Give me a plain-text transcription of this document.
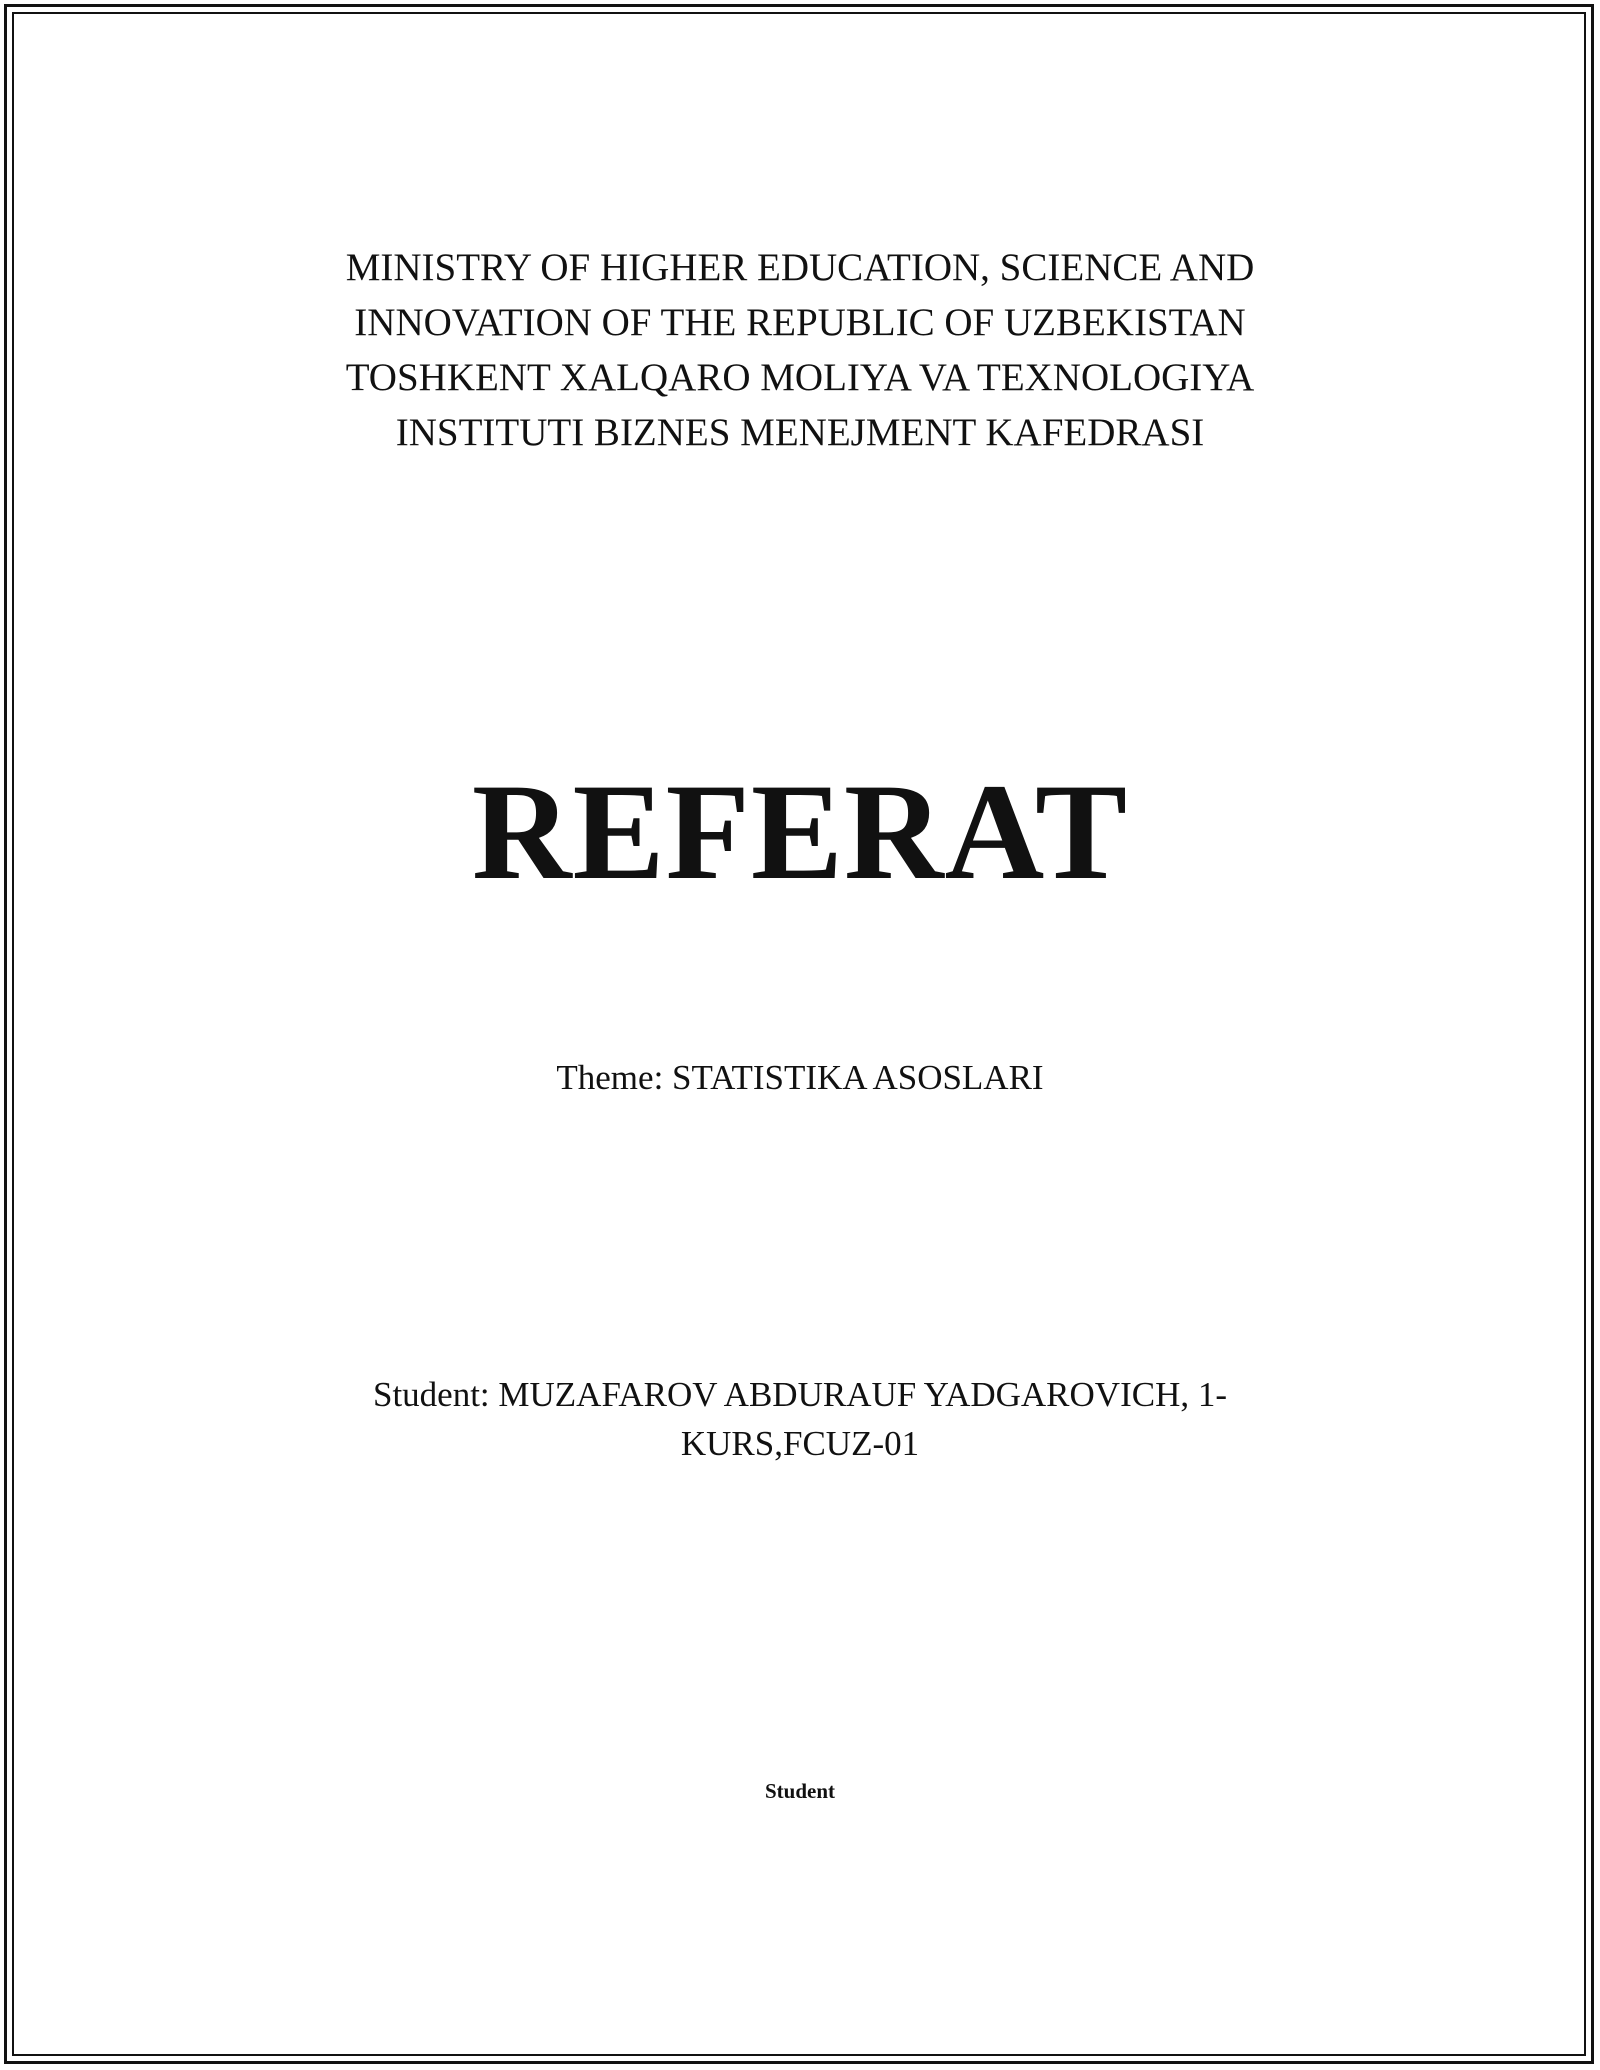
MINISTRY OF HIGHER EDUCATION, SCIENCE AND
INNOVATION OF THE REPUBLIC OF UZBEKISTAN
TOSHKENT XALQARO MOLIYA VA TEXNOLOGIYA
INSTITUTI BIZNES MENEJMENT KAFEDRASI
REFERAT
Theme: STATISTIKA ASOSLARI
Student: MUZAFAROV ABDURAUF YADGAROVICH, 1-
KURS,FCUZ-01
Student
